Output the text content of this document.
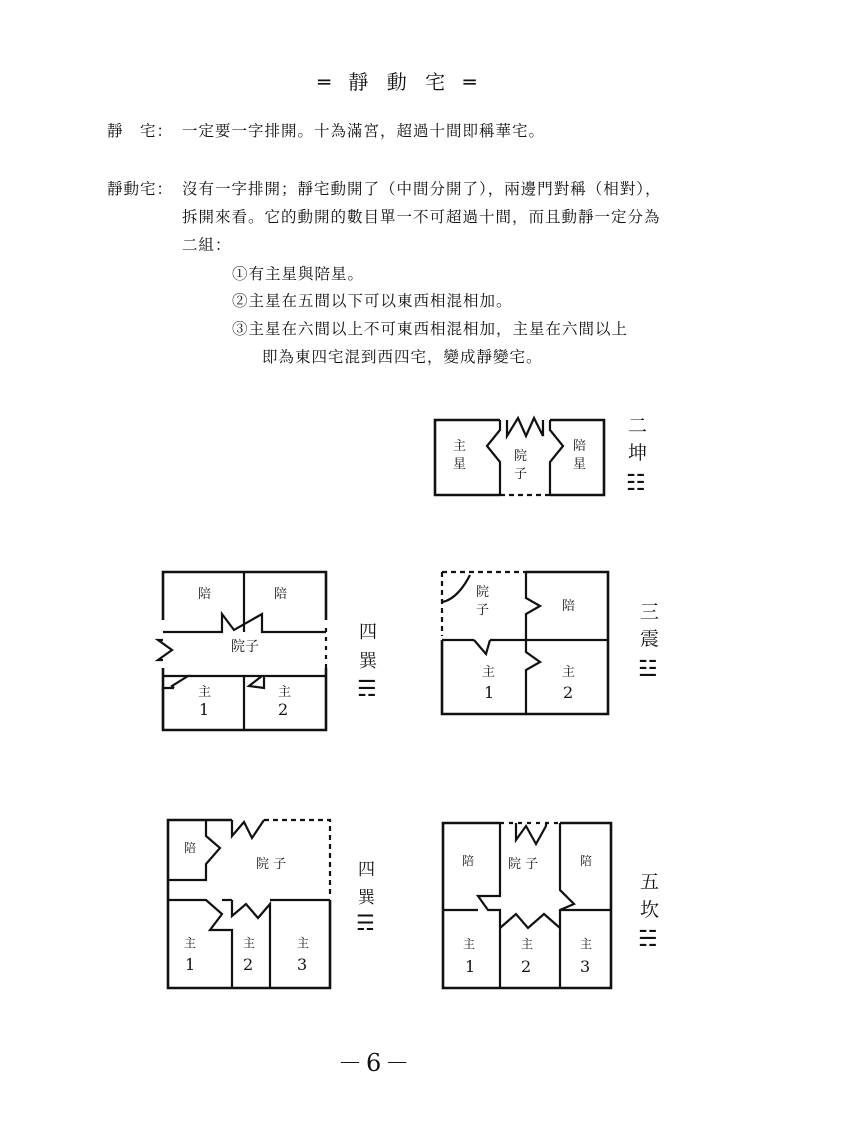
═ 靜 動 宅 ═
靜　宅： 一定要一字排開。十為滿宮，超過十間即稱華宅。
靜動宅： 沒有一字排開；靜宅動開了（中間分開了），兩邊門對稱（相對），
拆開來看。它的動開的數目單一不可超過十間，而且動靜一定分為
二組：
①有主星與陪星。
②主星在五間以下可以東西相混相加。
③主星在六間以上不可東西相混相加，主星在六間以上
即為東四宅混到西四宅，變成靜變宅。
主
星
院
子
陪
星
二
坤
☷
陪	陪
院子
主
1
主
2
四
巽
☴
院
子	陪
主
1
主
2
三
震
☳
陪
院 子
主
1
主
2
主
3
四
巽
☴
陪	院 子	陪
主
1
主
2
主
3
五
坎
☵
－6－
